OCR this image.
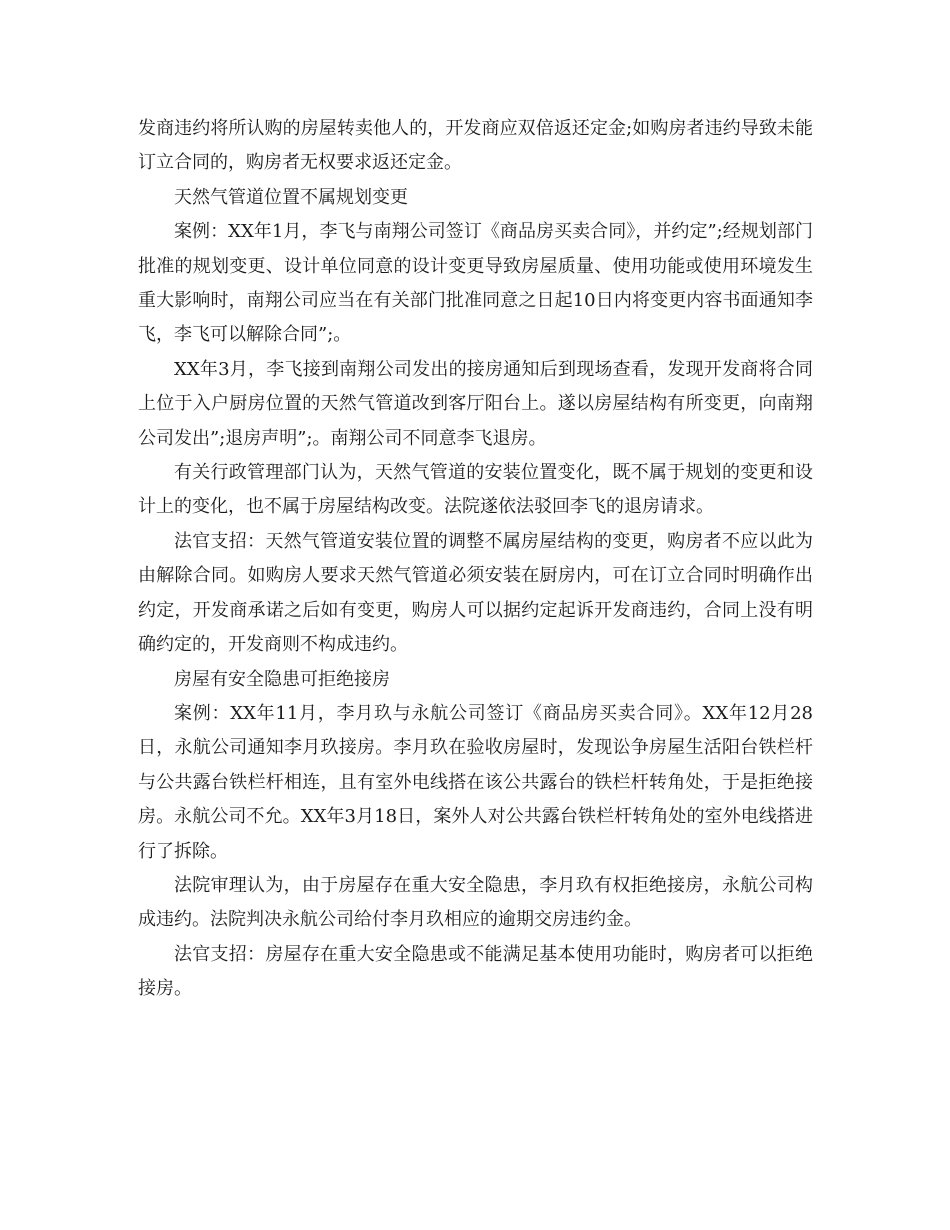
发商违约将所认购的房屋转卖他人的，开发商应双倍返还定金;如购房者违约导致未能订立合同的，购房者无权要求返还定金。

天然气管道位置不属规划变更

案例：XX年1月，李飞与南翔公司签订《商品房买卖合同》，并约定”;经规划部门批准的规划变更、设计单位同意的设计变更导致房屋质量、使用功能或使用环境发生重大影响时，南翔公司应当在有关部门批准同意之日起10日内将变更内容书面通知李飞，李飞可以解除合同”;。

XX年3月，李飞接到南翔公司发出的接房通知后到现场查看，发现开发商将合同上位于入户厨房位置的天然气管道改到客厅阳台上。遂以房屋结构有所变更，向南翔公司发出”;退房声明”;。南翔公司不同意李飞退房。

有关行政管理部门认为，天然气管道的安装位置变化，既不属于规划的变更和设计上的变化，也不属于房屋结构改变。法院遂依法驳回李飞的退房请求。

法官支招：天然气管道安装位置的调整不属房屋结构的变更，购房者不应以此为由解除合同。如购房人要求天然气管道必须安装在厨房内，可在订立合同时明确作出约定，开发商承诺之后如有变更，购房人可以据约定起诉开发商违约，合同上没有明确约定的，开发商则不构成违约。

房屋有安全隐患可拒绝接房

案例：XX年11月，李月玖与永航公司签订《商品房买卖合同》。XX年12月28日，永航公司通知李月玖接房。李月玖在验收房屋时，发现讼争房屋生活阳台铁栏杆与公共露台铁栏杆相连，且有室外电线搭在该公共露台的铁栏杆转角处，于是拒绝接房。永航公司不允。XX年3月18日，案外人对公共露台铁栏杆转角处的室外电线搭进行了拆除。

法院审理认为，由于房屋存在重大安全隐患，李月玖有权拒绝接房，永航公司构成违约。法院判决永航公司给付李月玖相应的逾期交房违约金。

法官支招：房屋存在重大安全隐患或不能满足基本使用功能时，购房者可以拒绝接房。
